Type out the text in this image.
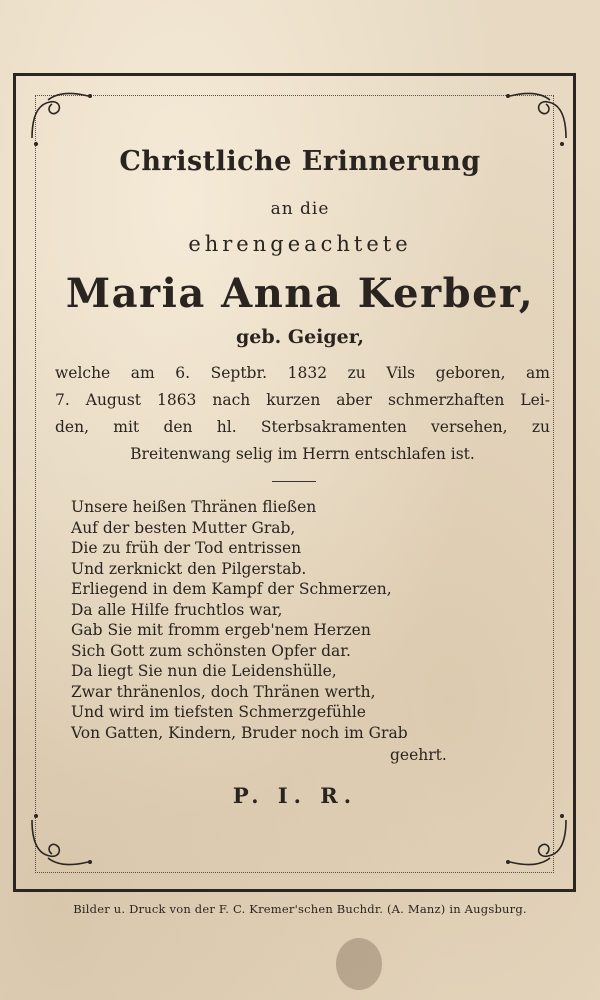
Christliche Erinnerung
an die
ehrengeachtete
Maria Anna Kerber,
geb. Geiger,
welche am 6. Septbr. 1832 zu Vils geboren, am
7. August 1863 nach kurzen aber schmerzhaften Lei-
den, mit den hl. Sterbsakramenten versehen, zu
Breitenwang selig im Herrn entschlafen ist.
Unsere heißen Thränen fließen
Auf der besten Mutter Grab,
Die zu früh der Tod entrissen
Und zerknickt den Pilgerstab.
Erliegend in dem Kampf der Schmerzen,
Da alle Hilfe fruchtlos war,
Gab Sie mit fromm ergeb'nem Herzen
Sich Gott zum schönsten Opfer dar.
Da liegt Sie nun die Leidenshülle,
Zwar thränenlos, doch Thränen werth,
Und wird im tiefsten Schmerzgefühle
Von Gatten, Kindern, Bruder noch im Grab
geehrt.
P. I. R.
Bilder u. Druck von der F. C. Kremer'schen Buchdr. (A. Manz) in Augsburg.
